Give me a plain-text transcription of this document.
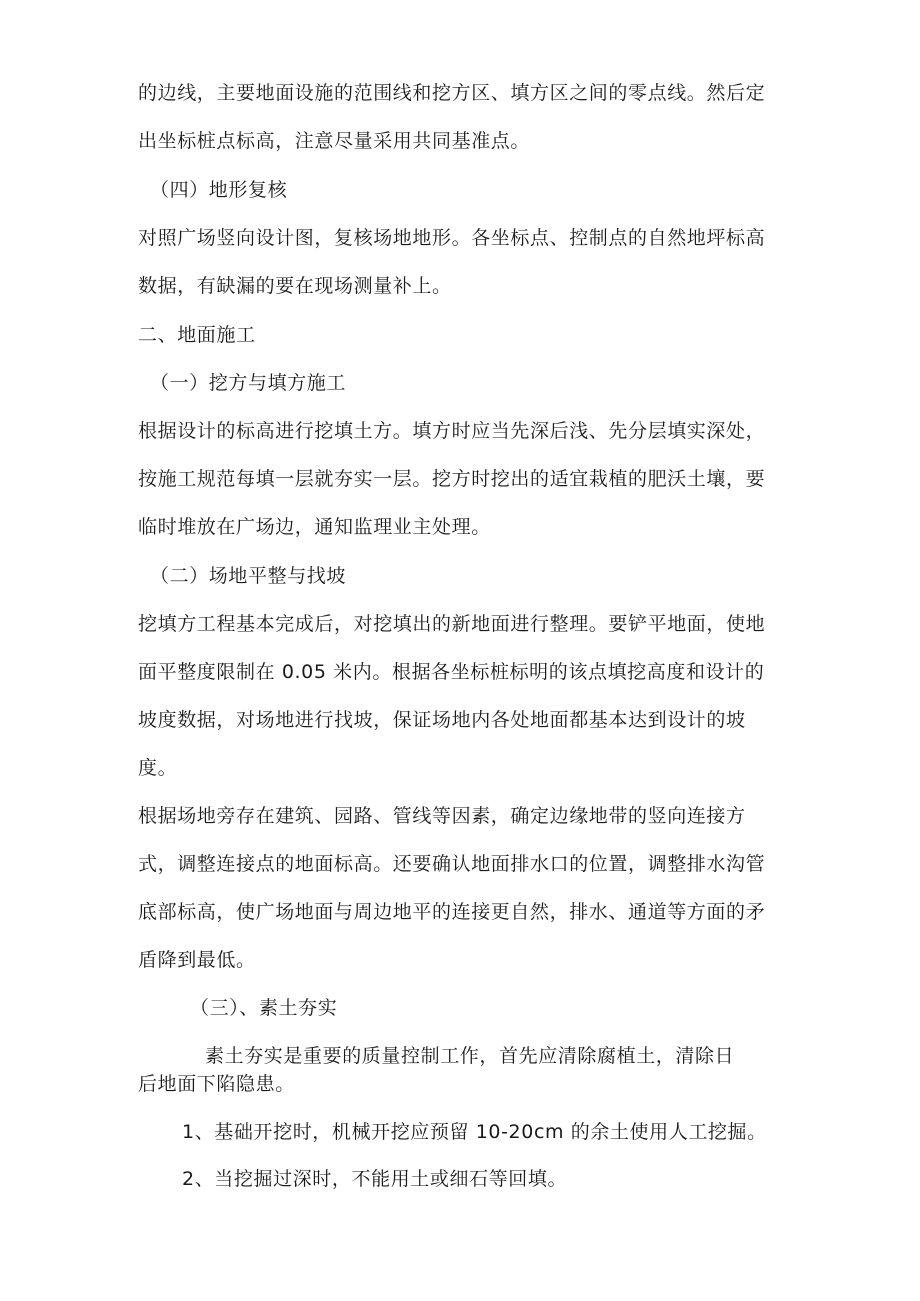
的边线，主要地面设施的范围线和挖方区、填方区之间的零点线。然后定
出坐标桩点标高，注意尽量采用共同基准点。
（四）地形复核
对照广场竖向设计图，复核场地地形。各坐标点、控制点的自然地坪标高
数据，有缺漏的要在现场测量补上。
二、地面施工
（一）挖方与填方施工
根据设计的标高进行挖填土方。填方时应当先深后浅、先分层填实深处，
按施工规范每填一层就夯实一层。挖方时挖出的适宜栽植的肥沃土壤，要
临时堆放在广场边，通知监理业主处理。
（二）场地平整与找坡
挖填方工程基本完成后，对挖填出的新地面进行整理。要铲平地面，使地
面平整度限制在 0.05 米内。根据各坐标桩标明的该点填挖高度和设计的
坡度数据，对场地进行找坡，保证场地内各处地面都基本达到设计的坡
度。
根据场地旁存在建筑、园路、管线等因素，确定边缘地带的竖向连接方
式，调整连接点的地面标高。还要确认地面排水口的位置，调整排水沟管
底部标高，使广场地面与周边地平的连接更自然，排水、通道等方面的矛
盾降到最低。
（三）、素土夯实
素土夯实是重要的质量控制工作，首先应清除腐植土，清除日
后地面下陷隐患。
1、基础开挖时，机械开挖应预留 10-20cm 的余土使用人工挖掘。
2、当挖掘过深时，不能用土或细石等回填。
